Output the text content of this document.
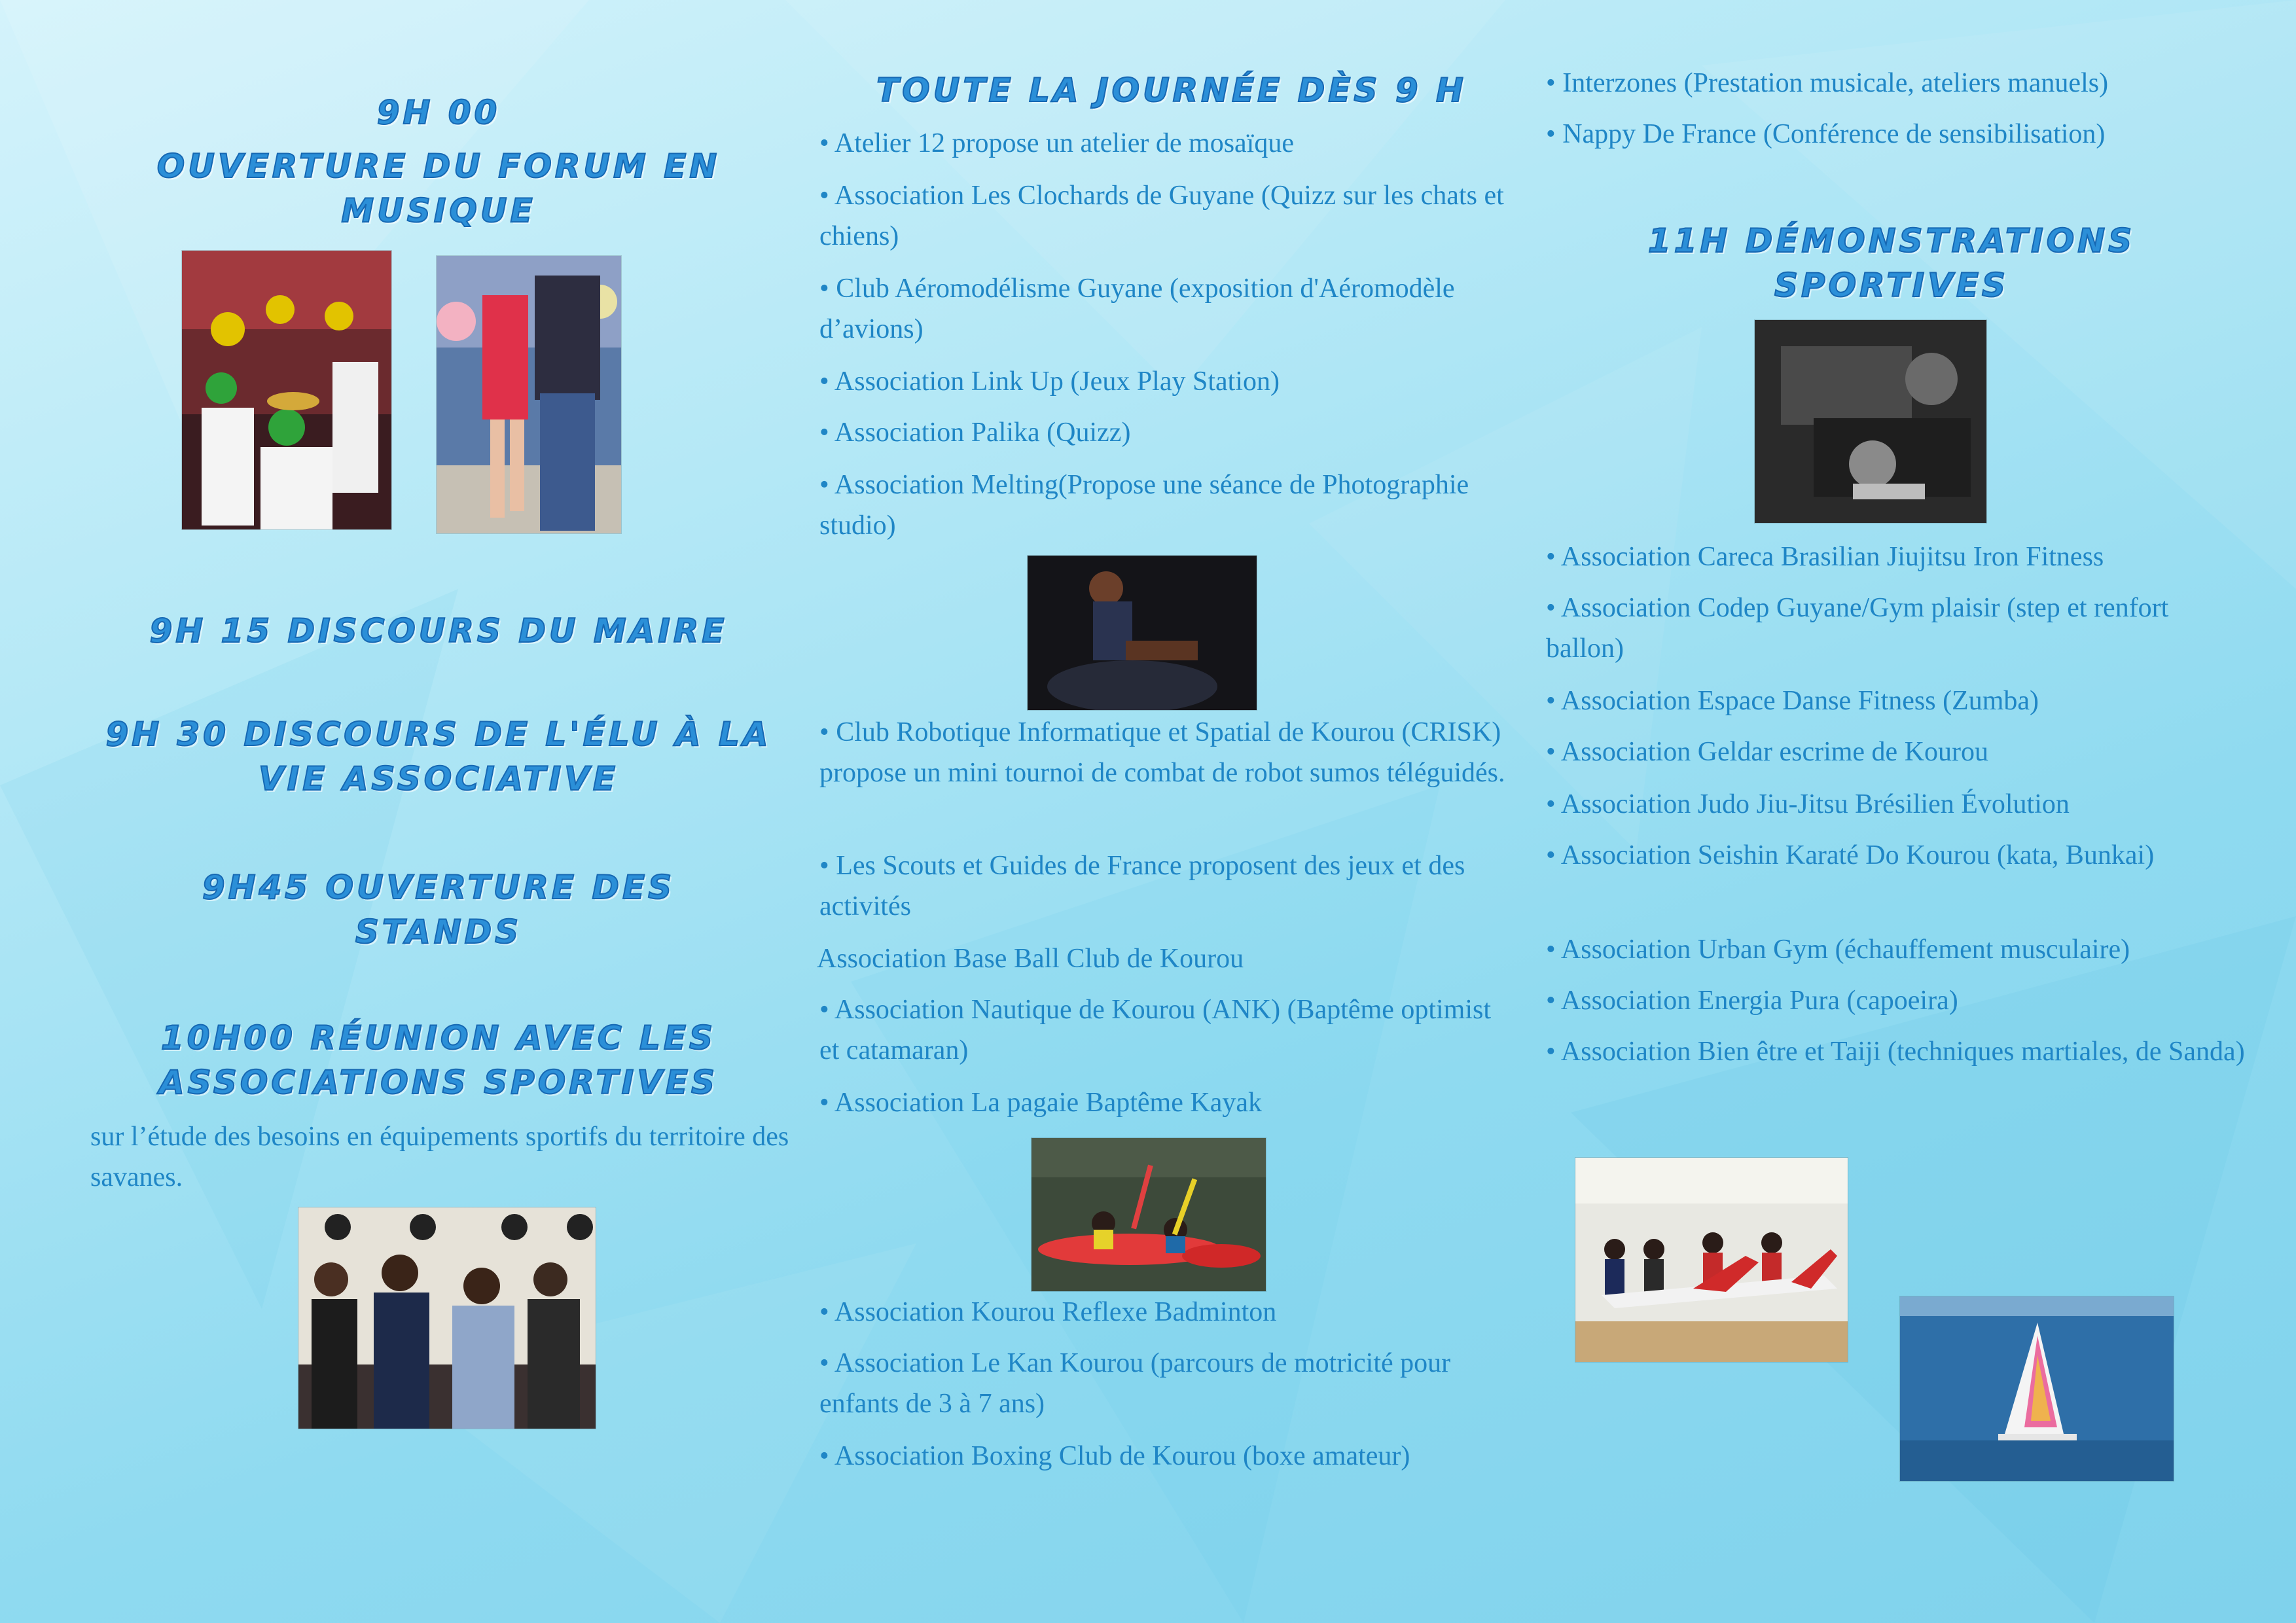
9H 00
OUVERTURE DU FORUM EN MUSIQUE
9H 15 DISCOURS DU MAIRE
9H 30 DISCOURS DE L'ÉLU À LA VIE ASSOCIATIVE
9H45 OUVERTURE DES STANDS
10H00 RÉUNION AVEC LES ASSOCIATIONS SPORTIVES
sur l’étude des besoins en équipements sportifs du territoire des savanes.
TOUTE LA JOURNÉE DÈS 9 H
• Atelier 12 propose un atelier de mosaïque
• Association Les Clochards de Guyane (Quizz sur les chats et chiens)
• Club Aéromodélisme Guyane (exposition d'Aéromodèle d’avions)
• Association Link Up (Jeux Play Station)
• Association Palika (Quizz)
• Association Melting(Propose une séance de Photographie studio)
• Club Robotique Informatique et Spatial de Kourou (CRISK) propose un mini tournoi de combat de robot sumos téléguidés.
• Les Scouts et Guides de France proposent des jeux et des activités
Association Base Ball Club de Kourou
• Association Nautique de Kourou (ANK) (Baptême optimist et catamaran)
• Association La pagaie Baptême Kayak
• Association Kourou Reflexe Badminton
• Association Le Kan Kourou (parcours de motricité pour enfants de 3 à 7 ans)
• Association Boxing Club de Kourou (boxe amateur)
• Interzones (Prestation musicale, ateliers manuels)
• Nappy De France (Conférence de sensibilisation)
11H DÉMONSTRATIONS SPORTIVES
• Association Careca Brasilian Jiujitsu Iron Fitness
• Association Codep Guyane/Gym plaisir (step et renfort ballon)
• Association Espace Danse Fitness (Zumba)
• Association Geldar escrime de Kourou
• Association Judo Jiu-Jitsu Brésilien Évolution
• Association Seishin Karaté Do Kourou (kata, Bunkai)
• Association Urban Gym (échauffement musculaire)
• Association Energia Pura (capoeira)
• Association Bien être et Taiji (techniques martiales, de Sanda)
